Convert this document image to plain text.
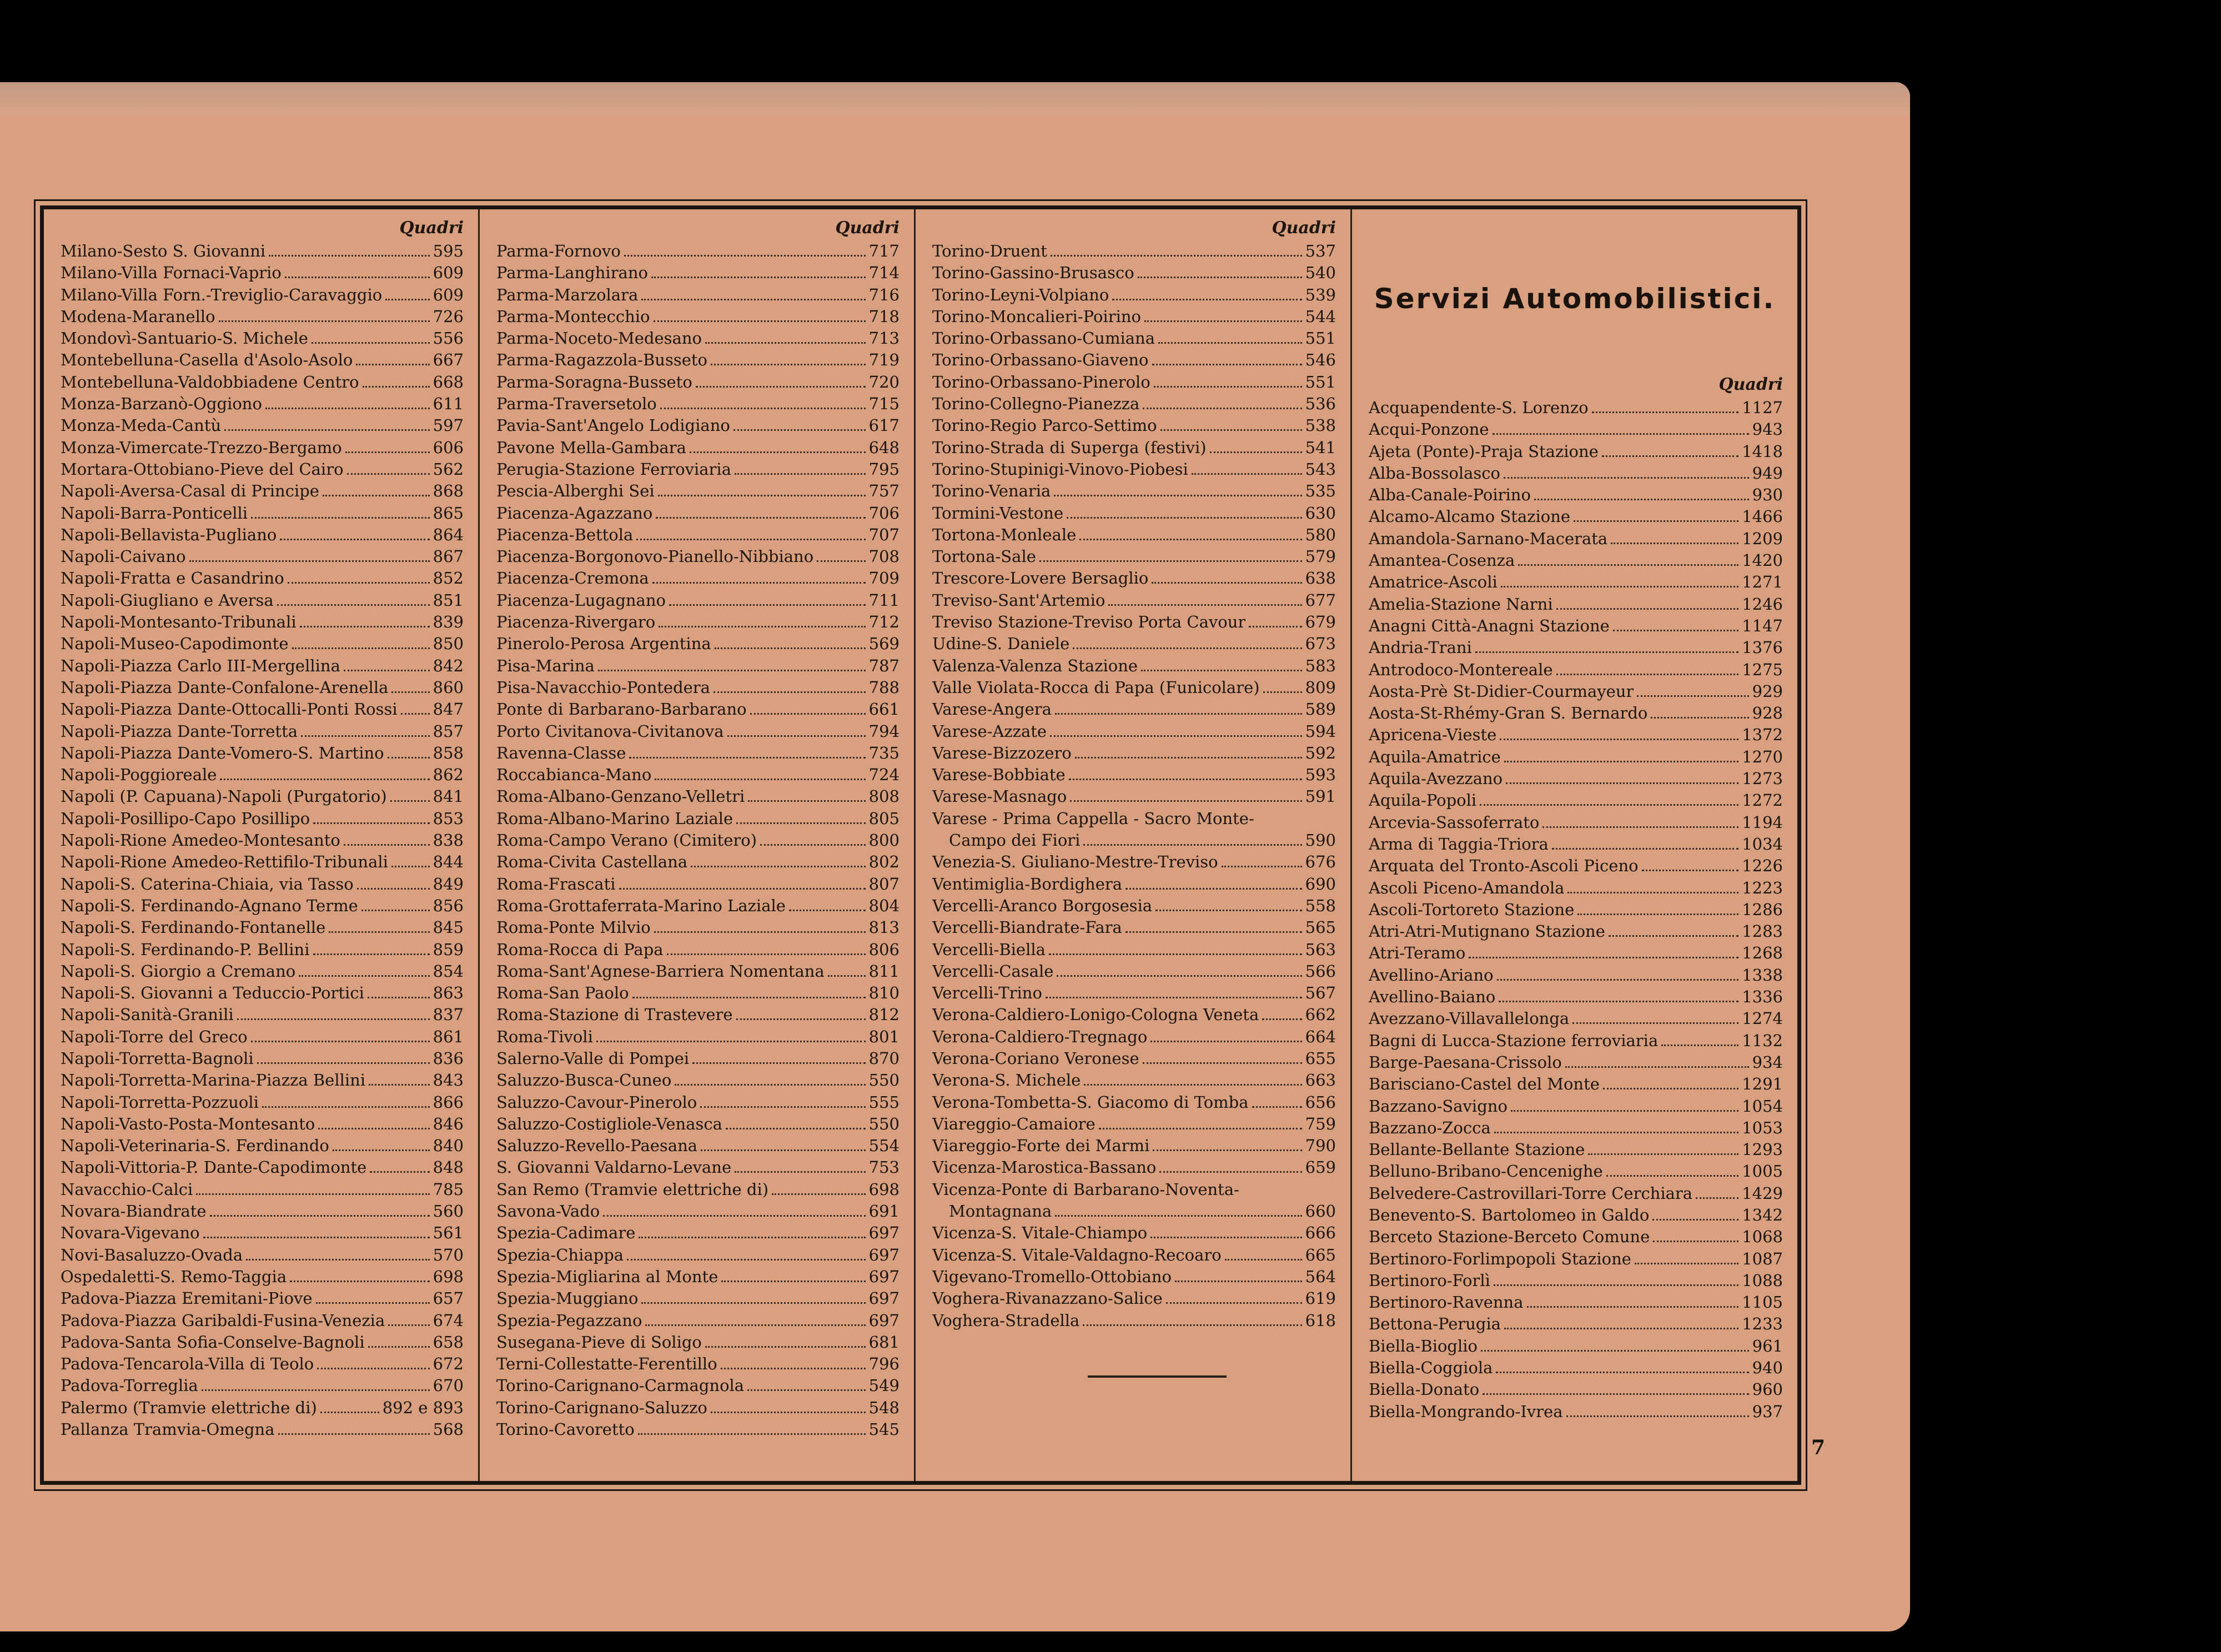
Quadri
Milano-Sesto S. Giovanni	595
Milano-Villa Fornaci-Vaprio	609
Milano-Villa Forn.-Treviglio-Caravaggio	609
Modena-Maranello	726
Mondovì-Santuario-S. Michele	556
Montebelluna-Casella d'Asolo-Asolo	667
Montebelluna-Valdobbiadene Centro	668
Monza-Barzanò-Oggiono	611
Monza-Meda-Cantù	597
Monza-Vimercate-Trezzo-Bergamo	606
Mortara-Ottobiano-Pieve del Cairo	562
Napoli-Aversa-Casal di Principe	868
Napoli-Barra-Ponticelli	865
Napoli-Bellavista-Pugliano	864
Napoli-Caivano	867
Napoli-Fratta e Casandrino	852
Napoli-Giugliano e Aversa	851
Napoli-Montesanto-Tribunali	839
Napoli-Museo-Capodimonte	850
Napoli-Piazza Carlo III-Mergellina	842
Napoli-Piazza Dante-Confalone-Arenella	860
Napoli-Piazza Dante-Ottocalli-Ponti Rossi 847
Napoli-Piazza Dante-Torretta	857
Napoli-Piazza Dante-Vomero-S. Martino	858
Napoli-Poggioreale	862
Napoli (P. Capuana)-Napoli (Purgatorio)	841
Napoli-Posillipo-Capo Posillipo	853
Napoli-Rione Amedeo-Montesanto	838
Napoli-Rione Amedeo-Rettifilo-Tribunali	844
Napoli-S. Caterina-Chiaia, via Tasso	849
Napoli-S. Ferdinando-Agnano Terme	856
Napoli-S. Ferdinando-Fontanelle	845
Napoli-S. Ferdinando-P. Bellini	859
Napoli-S. Giorgio a Cremano	854
Napoli-S. Giovanni a Teduccio-Portici	863
Napoli-Sanità-Granili	837
Napoli-Torre del Greco	861
Napoli-Torretta-Bagnoli	836
Napoli-Torretta-Marina-Piazza Bellini	843
Napoli-Torretta-Pozzuoli	866
Napoli-Vasto-Posta-Montesanto	846
Napoli-Veterinaria-S. Ferdinando	840
Napoli-Vittoria-P. Dante-Capodimonte	848
Navacchio-Calci	785
Novara-Biandrate	560
Novara-Vigevano	561
Novi-Basaluzzo-Ovada	570
Ospedaletti-S. Remo-Taggia	698
Padova-Piazza Eremitani-Piove	657
Padova-Piazza Garibaldi-Fusina-Venezia	674
Padova-Santa Sofia-Conselve-Bagnoli	658
Padova-Tencarola-Villa di Teolo	672
Padova-Torreglia	670
Palermo (Tramvie elettriche di)	892 e 893
Pallanza Tramvia-Omegna	568
Quadri
Parma-Fornovo	717
Parma-Langhirano	714
Parma-Marzolara	716
Parma-Montecchio	718
Parma-Noceto-Medesano	713
Parma-Ragazzola-Busseto	719
Parma-Soragna-Busseto	720
Parma-Traversetolo	715
Pavia-Sant'Angelo Lodigiano	617
Pavone Mella-Gambara	648
Perugia-Stazione Ferroviaria	795
Pescia-Alberghi Sei	757
Piacenza-Agazzano	706
Piacenza-Bettola	707
Piacenza-Borgonovo-Pianello-Nibbiano	708
Piacenza-Cremona	709
Piacenza-Lugagnano	711
Piacenza-Rivergaro	712
Pinerolo-Perosa Argentina	569
Pisa-Marina	787
Pisa-Navacchio-Pontedera	788
Ponte di Barbarano-Barbarano	661
Porto Civitanova-Civitanova	794
Ravenna-Classe	735
Roccabianca-Mano	724
Roma-Albano-Genzano-Velletri	808
Roma-Albano-Marino Laziale	805
Roma-Campo Verano (Cimitero)	800
Roma-Civita Castellana	802
Roma-Frascati	807
Roma-Grottaferrata-Marino Laziale	804
Roma-Ponte Milvio	813
Roma-Rocca di Papa	806
Roma-Sant'Agnese-Barriera Nomentana	811
Roma-San Paolo	810
Roma-Stazione di Trastevere	812
Roma-Tivoli	801
Salerno-Valle di Pompei	870
Saluzzo-Busca-Cuneo	550
Saluzzo-Cavour-Pinerolo	555
Saluzzo-Costigliole-Venasca	550
Saluzzo-Revello-Paesana	554
S. Giovanni Valdarno-Levane	753
San Remo (Tramvie elettriche di)	698
Savona-Vado	691
Spezia-Cadimare	697
Spezia-Chiappa	697
Spezia-Migliarina al Monte	697
Spezia-Muggiano	697
Spezia-Pegazzano	697
Susegana-Pieve di Soligo	681
Terni-Collestatte-Ferentillo	796
Torino-Carignano-Carmagnola	549
Torino-Carignano-Saluzzo	548
Torino-Cavoretto	545
Quadri
Torino-Druent	537
Torino-Gassino-Brusasco	540
Torino-Leyni-Volpiano	539
Torino-Moncalieri-Poirino	544
Torino-Orbassano-Cumiana	551
Torino-Orbassano-Giaveno	546
Torino-Orbassano-Pinerolo	551
Torino-Collegno-Pianezza	536
Torino-Regio Parco-Settimo	538
Torino-Strada di Superga (festivi)	541
Torino-Stupinigi-Vinovo-Piobesi	543
Torino-Venaria	535
Tormini-Vestone	630
Tortona-Monleale	580
Tortona-Sale	579
Trescore-Lovere Bersaglio	638
Treviso-Sant'Artemio	677
Treviso Stazione-Treviso Porta Cavour	679
Udine-S. Daniele	673
Valenza-Valenza Stazione	583
Valle Violata-Rocca di Papa (Funicolare)	809
Varese-Angera	589
Varese-Azzate	594
Varese-Bizzozero	592
Varese-Bobbiate	593
Varese-Masnago	591
Varese - Prima Cappella - Sacro Monte-
Campo dei Fiori	590
Venezia-S. Giuliano-Mestre-Treviso	676
Ventimiglia-Bordighera	690
Vercelli-Aranco Borgosesia	558
Vercelli-Biandrate-Fara	565
Vercelli-Biella	563
Vercelli-Casale	566
Vercelli-Trino	567
Verona-Caldiero-Lonigo-Cologna Veneta	662
Verona-Caldiero-Tregnago	664
Verona-Coriano Veronese	655
Verona-S. Michele	663
Verona-Tombetta-S. Giacomo di Tomba	656
Viareggio-Camaiore	759
Viareggio-Forte dei Marmi	790
Vicenza-Marostica-Bassano	659
Vicenza-Ponte di Barbarano-Noventa-
Montagnana	660
Vicenza-S. Vitale-Chiampo	666
Vicenza-S. Vitale-Valdagno-Recoaro	665
Vigevano-Tromello-Ottobiano	564
Voghera-Rivanazzano-Salice	619
Voghera-Stradella	618
Servizi Automobilistici.
Quadri
Acquapendente-S. Lorenzo	1127
Acqui-Ponzone	943
Ajeta (Ponte)-Praja Stazione	1418
Alba-Bossolasco	949
Alba-Canale-Poirino	930
Alcamo-Alcamo Stazione	1466
Amandola-Sarnano-Macerata	1209
Amantea-Cosenza	1420
Amatrice-Ascoli	1271
Amelia-Stazione Narni	1246
Anagni Città-Anagni Stazione	1147
Andria-Trani	1376
Antrodoco-Montereale	1275
Aosta-Prè St-Didier-Courmayeur	929
Aosta-St-Rhémy-Gran S. Bernardo	928
Apricena-Vieste	1372
Aquila-Amatrice	1270
Aquila-Avezzano	1273
Aquila-Popoli	1272
Arcevia-Sassoferrato	1194
Arma di Taggia-Triora	1034
Arquata del Tronto-Ascoli Piceno	1226
Ascoli Piceno-Amandola	1223
Ascoli-Tortoreto Stazione	1286
Atri-Atri-Mutignano Stazione	1283
Atri-Teramo	1268
Avellino-Ariano	1338
Avellino-Baiano	1336
Avezzano-Villavallelonga	1274
Bagni di Lucca-Stazione ferroviaria	1132
Barge-Paesana-Crissolo	934
Barisciano-Castel del Monte	1291
Bazzano-Savigno	1054
Bazzano-Zocca	1053
Bellante-Bellante Stazione	1293
Belluno-Bribano-Cencenighe	1005
Belvedere-Castrovillari-Torre Cerchiara	1429
Benevento-S. Bartolomeo in Galdo	1342
Berceto Stazione-Berceto Comune	1068
Bertinoro-Forlimpopoli Stazione	1087
Bertinoro-Forlì	1088
Bertinoro-Ravenna	1105
Bettona-Perugia	1233
Biella-Bioglio	961
Biella-Coggiola	940
Biella-Donato	960
Biella-Mongrando-Ivrea	937
7
